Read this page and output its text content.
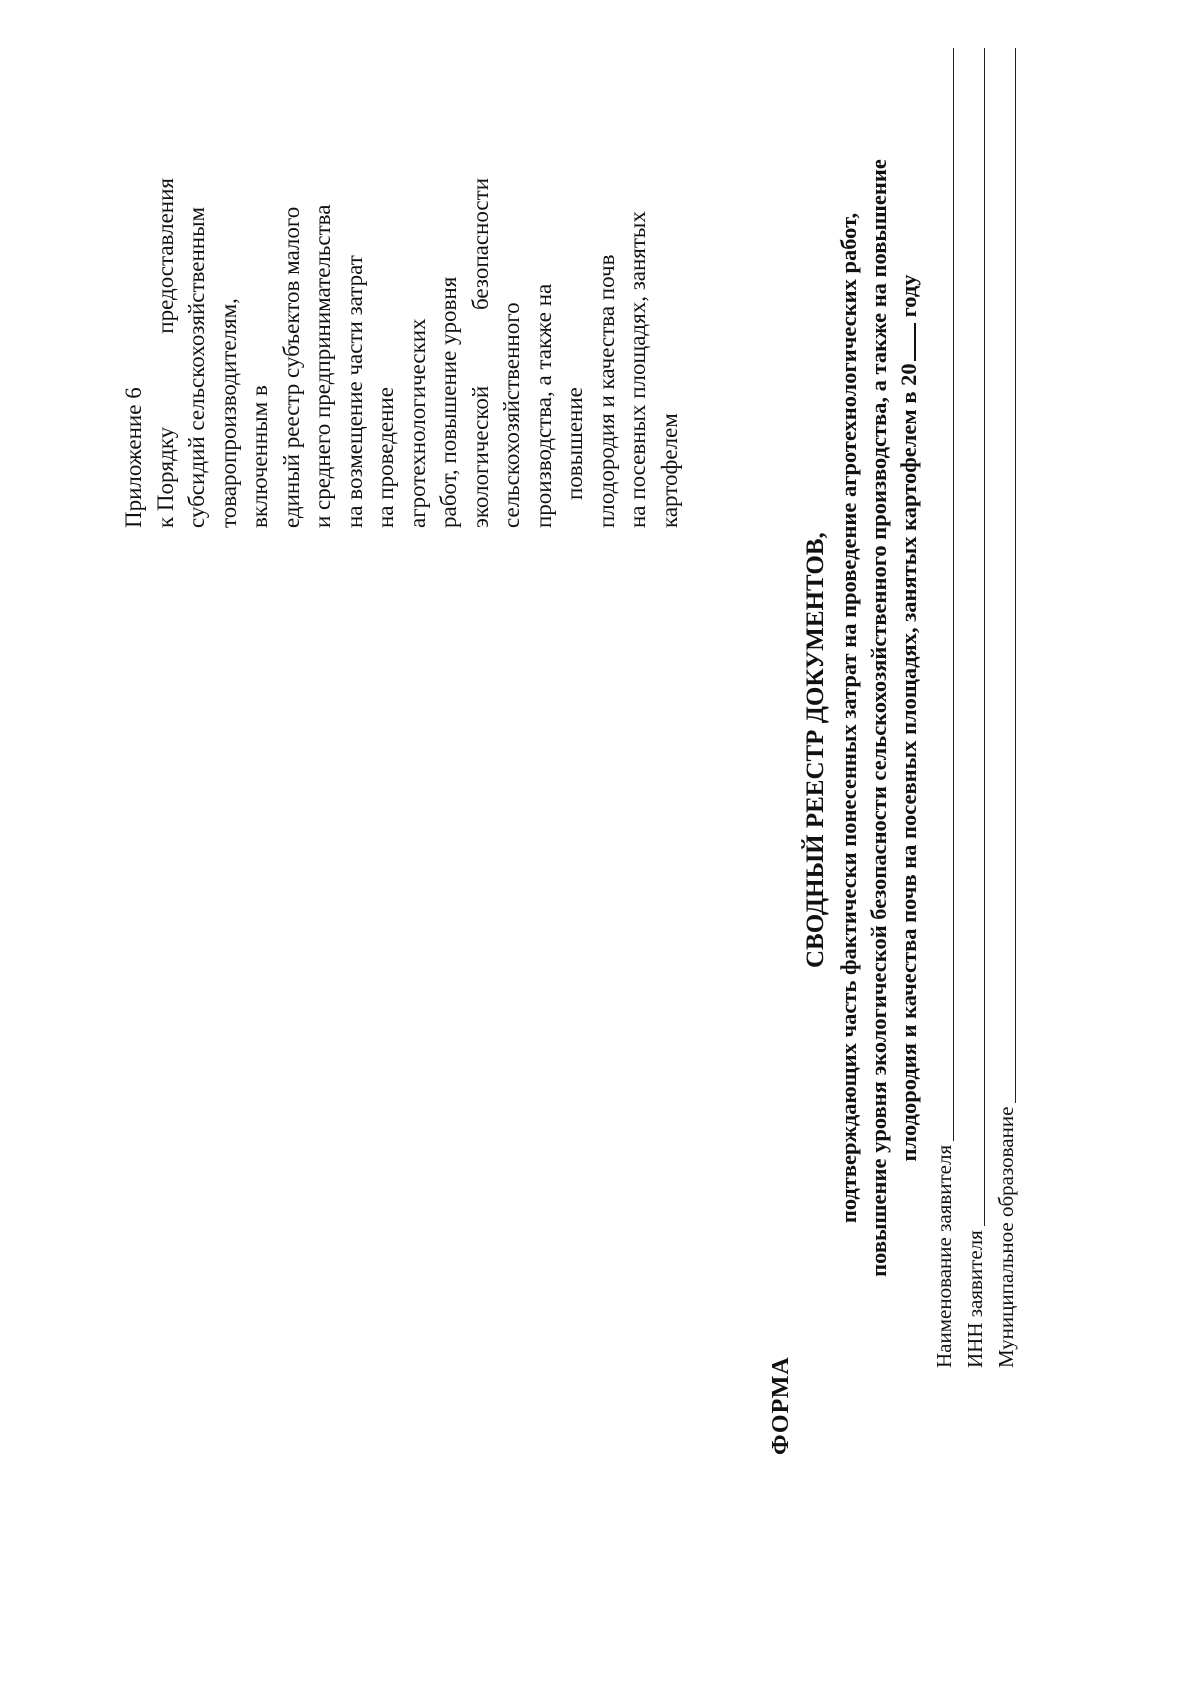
Приложение 6 к Порядку
предоставления субсидий сельскохозяйственным товаропроизводителям, включенным в единый реестр субъектов малого и среднего предпринимательства на возмещение части затрат на проведение агротехнологических работ, повышение уровня экологической
безопасности
сельскохозяйственного производства, а также на повышение плодородия и качества почв на посевных площадях, занятых картофелем
ФОРМА
СВОДНЫЙ РЕЕСТР ДОКУМЕНТОВ, подтверждающих часть фактически понесенных затрат на проведение агротехнологических работ, повышение уровня экологической безопасности сельскохозяйственного производства, а также на повышение плодородия и качества почв на посевных площадях, занятых картофелем в 20году
Наименование заявителя ИНН заявителя Муниципальное образование
